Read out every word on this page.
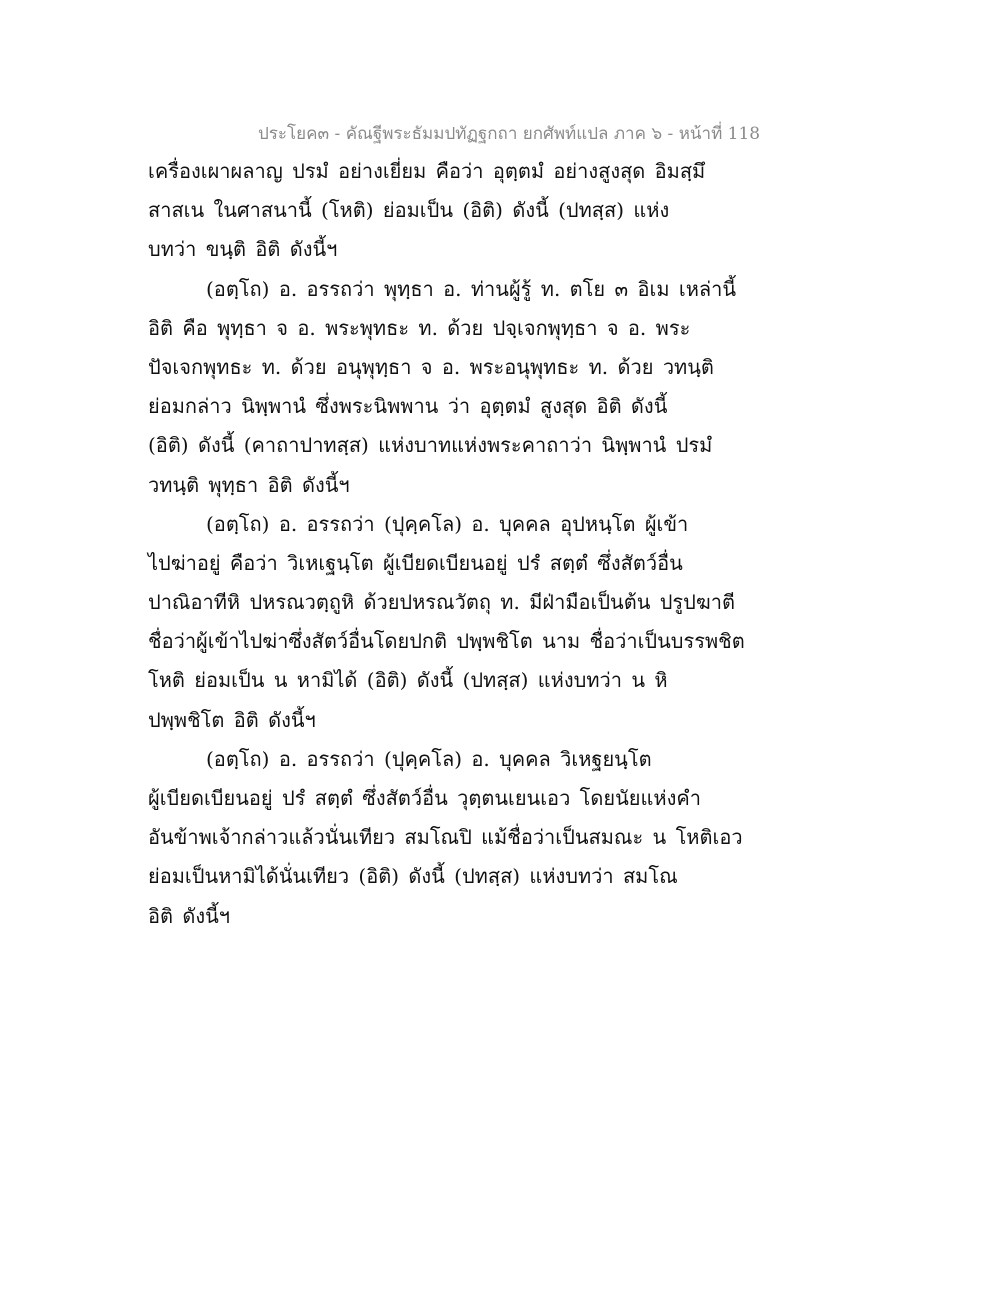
ประโยค๓ - คัณฐีพระธัมมปทัฏฐกถา ยกศัพท์แปล ภาค ๖ - หน้าที่ 118
เครื่องเผาผลาญ ปรมํ อย่างเยี่ยม คือว่า อุตฺตมํ อย่างสูงสุด อิมสฺมึ
สาสเน ในศาสนานี้ (โหติ) ย่อมเป็น (อิติ) ดังนี้ (ปทสฺส) แห่ง
บทว่า ขนฺติ อิติ ดังนี้ฯ
(อตฺโถ) อ. อรรถว่า พุทฺธา อ. ท่านผู้รู้ ท. ตโย ๓ อิเม เหล่านี้
อิติ คือ พุทฺธา จ อ. พระพุทธะ ท. ด้วย ปจฺเจกพุทฺธา จ อ. พระ
ปัจเจกพุทธะ ท. ด้วย อนุพุทฺธา จ อ. พระอนุพุทธะ ท. ด้วย วทนฺติ
ย่อมกล่าว นิพฺพานํ ซึ่งพระนิพพาน ว่า อุตฺตมํ สูงสุด อิติ ดังนี้
(อิติ) ดังนี้ (คาถาปาทสฺส) แห่งบาทแห่งพระคาถาว่า นิพฺพานํ ปรมํ
วทนฺติ พุทฺธา อิติ ดังนี้ฯ
(อตฺโถ) อ. อรรถว่า (ปุคฺคโล) อ. บุคคล อุปหนฺโต ผู้เข้า
ไปฆ่าอยู่ คือว่า วิเหเฐนฺโต ผู้เบียดเบียนอยู่ ปรํ สตฺตํ ซึ่งสัตว์อื่น
ปาณิอาทีหิ ปหรณวตฺถูหิ ด้วยปหรณวัตถุ ท. มีฝ่ามือเป็นต้น ปรูปฆาตี
ชื่อว่าผู้เข้าไปฆ่าซึ่งสัตว์อื่นโดยปกติ ปพฺพชิโต นาม ชื่อว่าเป็นบรรพชิต
โหติ ย่อมเป็น น หามิได้ (อิติ) ดังนี้ (ปทสฺส) แห่งบทว่า น หิ
ปพฺพชิโต อิติ ดังนี้ฯ
(อตฺโถ) อ. อรรถว่า (ปุคฺคโล) อ. บุคคล วิเหฐยนฺโต
ผู้เบียดเบียนอยู่ ปรํ สตฺตํ ซึ่งสัตว์อื่น วุตฺตนเยนเอว โดยนัยแห่งคำ
อันข้าพเจ้ากล่าวแล้วนั่นเทียว สมโณปิ แม้ชื่อว่าเป็นสมณะ น โหติเอว
ย่อมเป็นหามิได้นั่นเทียว (อิติ) ดังนี้ (ปทสฺส) แห่งบทว่า สมโณ
อิติ ดังนี้ฯ
